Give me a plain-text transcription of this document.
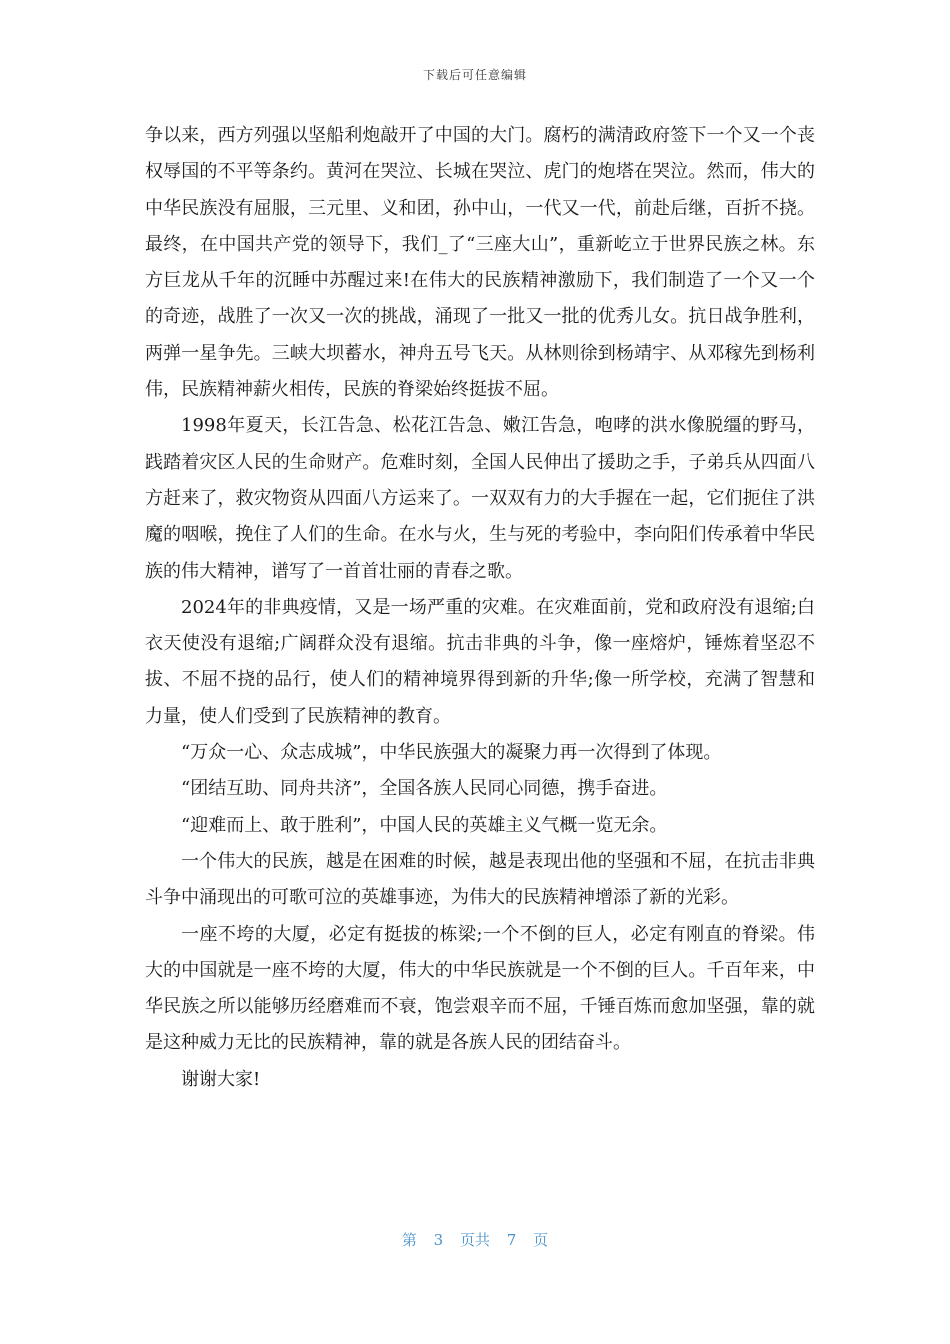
下载后可任意编辑

争以来，西方列强以坚船利炮敲开了中国的大门。腐朽的满清政府签下一个又一个丧权辱国的不平等条约。黄河在哭泣、长城在哭泣、虎门的炮塔在哭泣。然而，伟大的中华民族没有屈服，三元里、义和团，孙中山，一代又一代，前赴后继，百折不挠。最终，在中国共产党的领导下，我们_了“三座大山”，重新屹立于世界民族之林。东方巨龙从千年的沉睡中苏醒过来!在伟大的民族精神激励下，我们制造了一个又一个的奇迹，战胜了一次又一次的挑战，涌现了一批又一批的优秀儿女。抗日战争胜利，两弹一星争先。三峡大坝蓄水，神舟五号飞天。从林则徐到杨靖宇、从邓稼先到杨利伟，民族精神薪火相传，民族的脊梁始终挺拔不屈。

1998年夏天，长江告急、松花江告急、嫩江告急，咆哮的洪水像脱缰的野马，践踏着灾区人民的生命财产。危难时刻，全国人民伸出了援助之手，子弟兵从四面八方赶来了，救灾物资从四面八方运来了。一双双有力的大手握在一起，它们扼住了洪魔的咽喉，挽住了人们的生命。在水与火，生与死的考验中，李向阳们传承着中华民族的伟大精神，谱写了一首首壮丽的青春之歌。

2024年的非典疫情，又是一场严重的灾难。在灾难面前，党和政府没有退缩;白衣天使没有退缩;广阔群众没有退缩。抗击非典的斗争，像一座熔炉，锤炼着坚忍不拔、不屈不挠的品行，使人们的精神境界得到新的升华;像一所学校，充满了智慧和力量，使人们受到了民族精神的教育。

“万众一心、众志成城”，中华民族强大的凝聚力再一次得到了体现。

“团结互助、同舟共济”，全国各族人民同心同德，携手奋进。

“迎难而上、敢于胜利”，中国人民的英雄主义气概一览无余。

一个伟大的民族，越是在困难的时候，越是表现出他的坚强和不屈，在抗击非典斗争中涌现出的可歌可泣的英雄事迹，为伟大的民族精神增添了新的光彩。

一座不垮的大厦，必定有挺拔的栋梁;一个不倒的巨人，必定有刚直的脊梁。伟大的中国就是一座不垮的大厦，伟大的中华民族就是一个不倒的巨人。千百年来，中华民族之所以能够历经磨难而不衰，饱尝艰辛而不屈，千锤百炼而愈加坚强，靠的就是这种威力无比的民族精神，靠的就是各族人民的团结奋斗。

谢谢大家!

第 3 页共 7 页
